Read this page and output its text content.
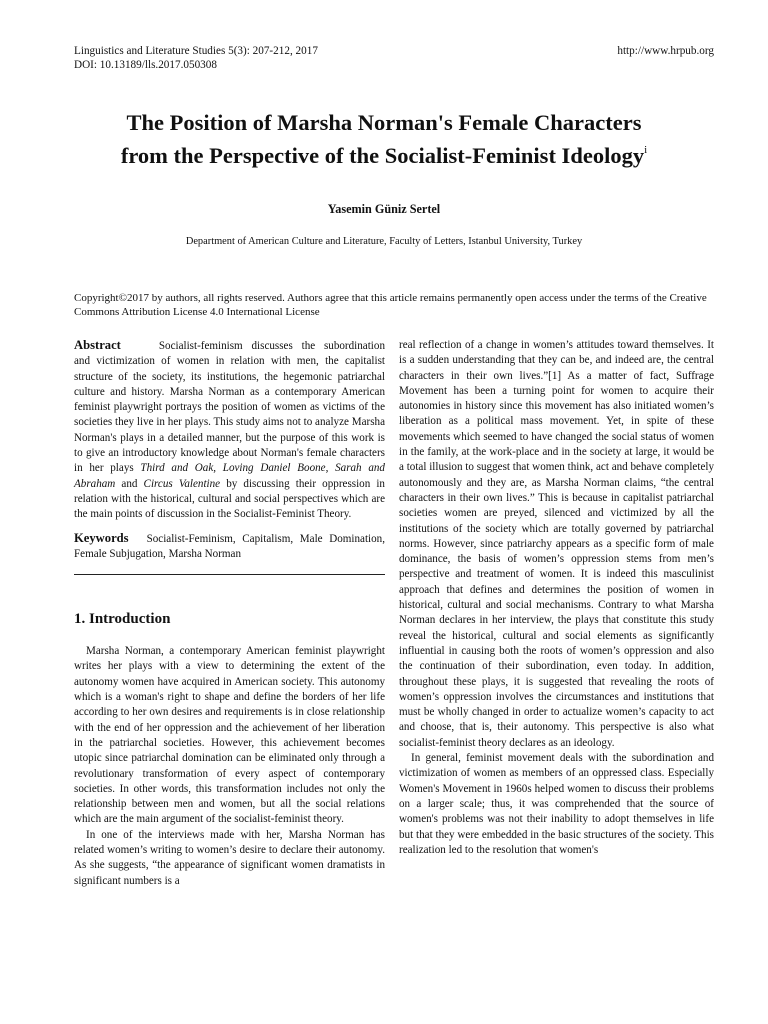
Linguistics and Literature Studies 5(3): 207-212, 2017
DOI: 10.13189/lls.2017.050308
http://www.hrpub.org
The Position of Marsha Norman's Female Characters
from the Perspective of the Socialist-Feminist Ideology$^i$
Yasemin Güniz Sertel
Department of American Culture and Literature, Faculty of Letters, Istanbul University, Turkey
Copyright©2017 by authors, all rights reserved. Authors agree that this article remains permanently open access under the terms of the Creative Commons Attribution License 4.0 International License

Abstract	Socialist-feminism discusses the subordination and victimization of women in relation with men, the capitalist structure of the society, its institutions, the hegemonic patriarchal culture and history. Marsha Norman as a contemporary American feminist playwright portrays the position of women as victims of the societies they live in her plays. This study aims not to analyze Marsha Norman's plays in a detailed manner, but the purpose of this work is to give an introductory knowledge about Norman's female characters in her plays Third and Oak, Loving Daniel Boone, Sarah and Abraham and Circus Valentine by discussing their oppression in relation with the historical, cultural and social perspectives which are the main points of discussion in the Socialist-Feminist Theory.

Keywords Socialist-Feminism, Capitalism, Male Domination, Female Subjugation, Marsha Norman

1. Introduction

Marsha Norman, a contemporary American feminist playwright writes her plays with a view to determining the extent of the autonomy women have acquired in American society. This autonomy which is a woman's right to shape and define the borders of her life according to her own desires and requirements is in close relationship with the end of her oppression and the achievement of her liberation in the patriarchal societies. However, this achievement becomes utopic since patriarchal domination can be eliminated only through a revolutionary transformation of every aspect of contemporary societies. In other words, this transformation includes not only the relationship between men and women, but all the social relations which are the main argument of the socialist-feminist theory.

In one of the interviews made with her, Marsha Norman has related women’s writing to women’s desire to declare their autonomy. As she suggests, “the appearance of significant women dramatists in significant numbers is a

real reflection of a change in women’s attitudes toward themselves. It is a sudden understanding that they can be, and indeed are, the central characters in their own lives.”[1] As a matter of fact, Suffrage Movement has been a turning point for women to acquire their autonomies in history since this movement has also initiated women’s liberation as a political mass movement. Yet, in spite of these movements which seemed to have changed the social status of women in the family, at the work-place and in the society at large, it would be a total illusion to suggest that women think, act and behave completely autonomously and they are, as Marsha Norman claims, “the central characters in their own lives.” This is because in capitalist patriarchal societies women are preyed, silenced and victimized by all the institutions of the society which are totally governed by patriarchal norms. However, since patriarchy appears as a specific form of male dominance, the basis of women’s oppression stems from men’s perspective and treatment of women. It is indeed this masculinist approach that defines and determines the position of women in historical, cultural and social mechanisms. Contrary to what Marsha Norman declares in her interview, the plays that constitute this study reveal the historical, cultural and social elements as significantly influential in causing both the roots of women’s oppression and also the continuation of their subordination, even today. In addition, throughout these plays, it is suggested that revealing the roots of women’s oppression involves the circumstances and institutions that must be wholly changed in order to actualize women’s capacity to act and choose, that is, their autonomy. This perspective is also what socialist-feminist theory declares as an ideology.

In general, feminist movement deals with the subordination and victimization of women as members of an oppressed class. Especially Women's Movement in 1960s helped women to discuss their problems on a larger scale; thus, it was comprehended that the source of women's problems was not their inability to adopt themselves in life but that they were embedded in the basic structures of the society. This realization led to the resolution that women's
